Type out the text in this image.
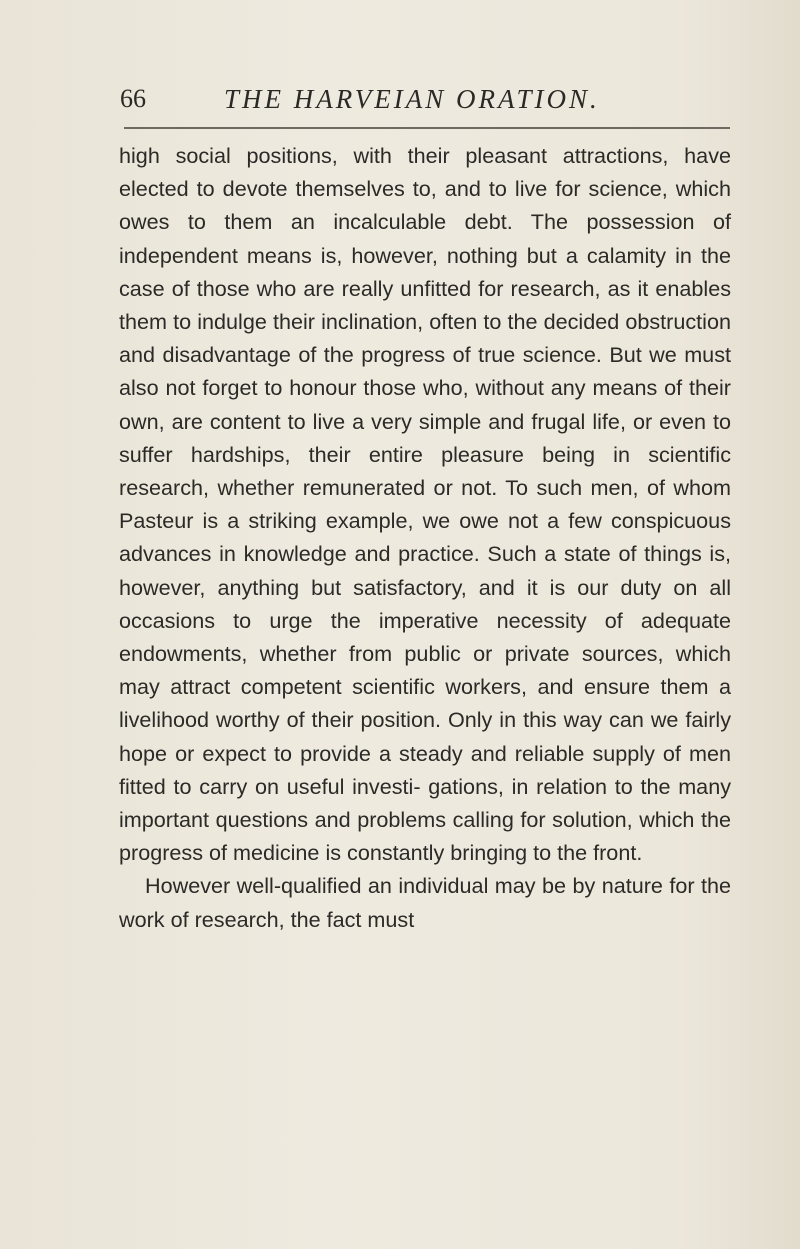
66	THE HARVEIAN ORATION.

high social positions, with their pleasant attractions, have elected to devote themselves to, and to live for science, which owes to them an incalculable debt. The possession of independent means is, however, nothing but a calamity in the case of those who are really unfitted for research, as it enables them to indulge their inclination, often to the decided obstruction and disadvantage of the progress of true science. But we must also not forget to honour those who, without any means of their own, are content to live a very simple and frugal life, or even to suffer hardships, their entire pleasure being in scientific research, whether remunerated or not. To such men, of whom Pasteur is a striking example, we owe not a few conspicuous advances in knowledge and practice. Such a state of things is, however, anything but satisfactory, and it is our duty on all occasions to urge the imperative necessity of adequate endowments, whether from public or private sources, which may attract competent scientific workers, and ensure them a livelihood worthy of their position. Only in this way can we fairly hope or expect to provide a steady and reliable supply of men fitted to carry on useful investi- gations, in relation to the many important questions and problems calling for solution, which the progress of medicine is constantly bringing to the front.

However well-qualified an individual may be by nature for the work of research, the fact must
